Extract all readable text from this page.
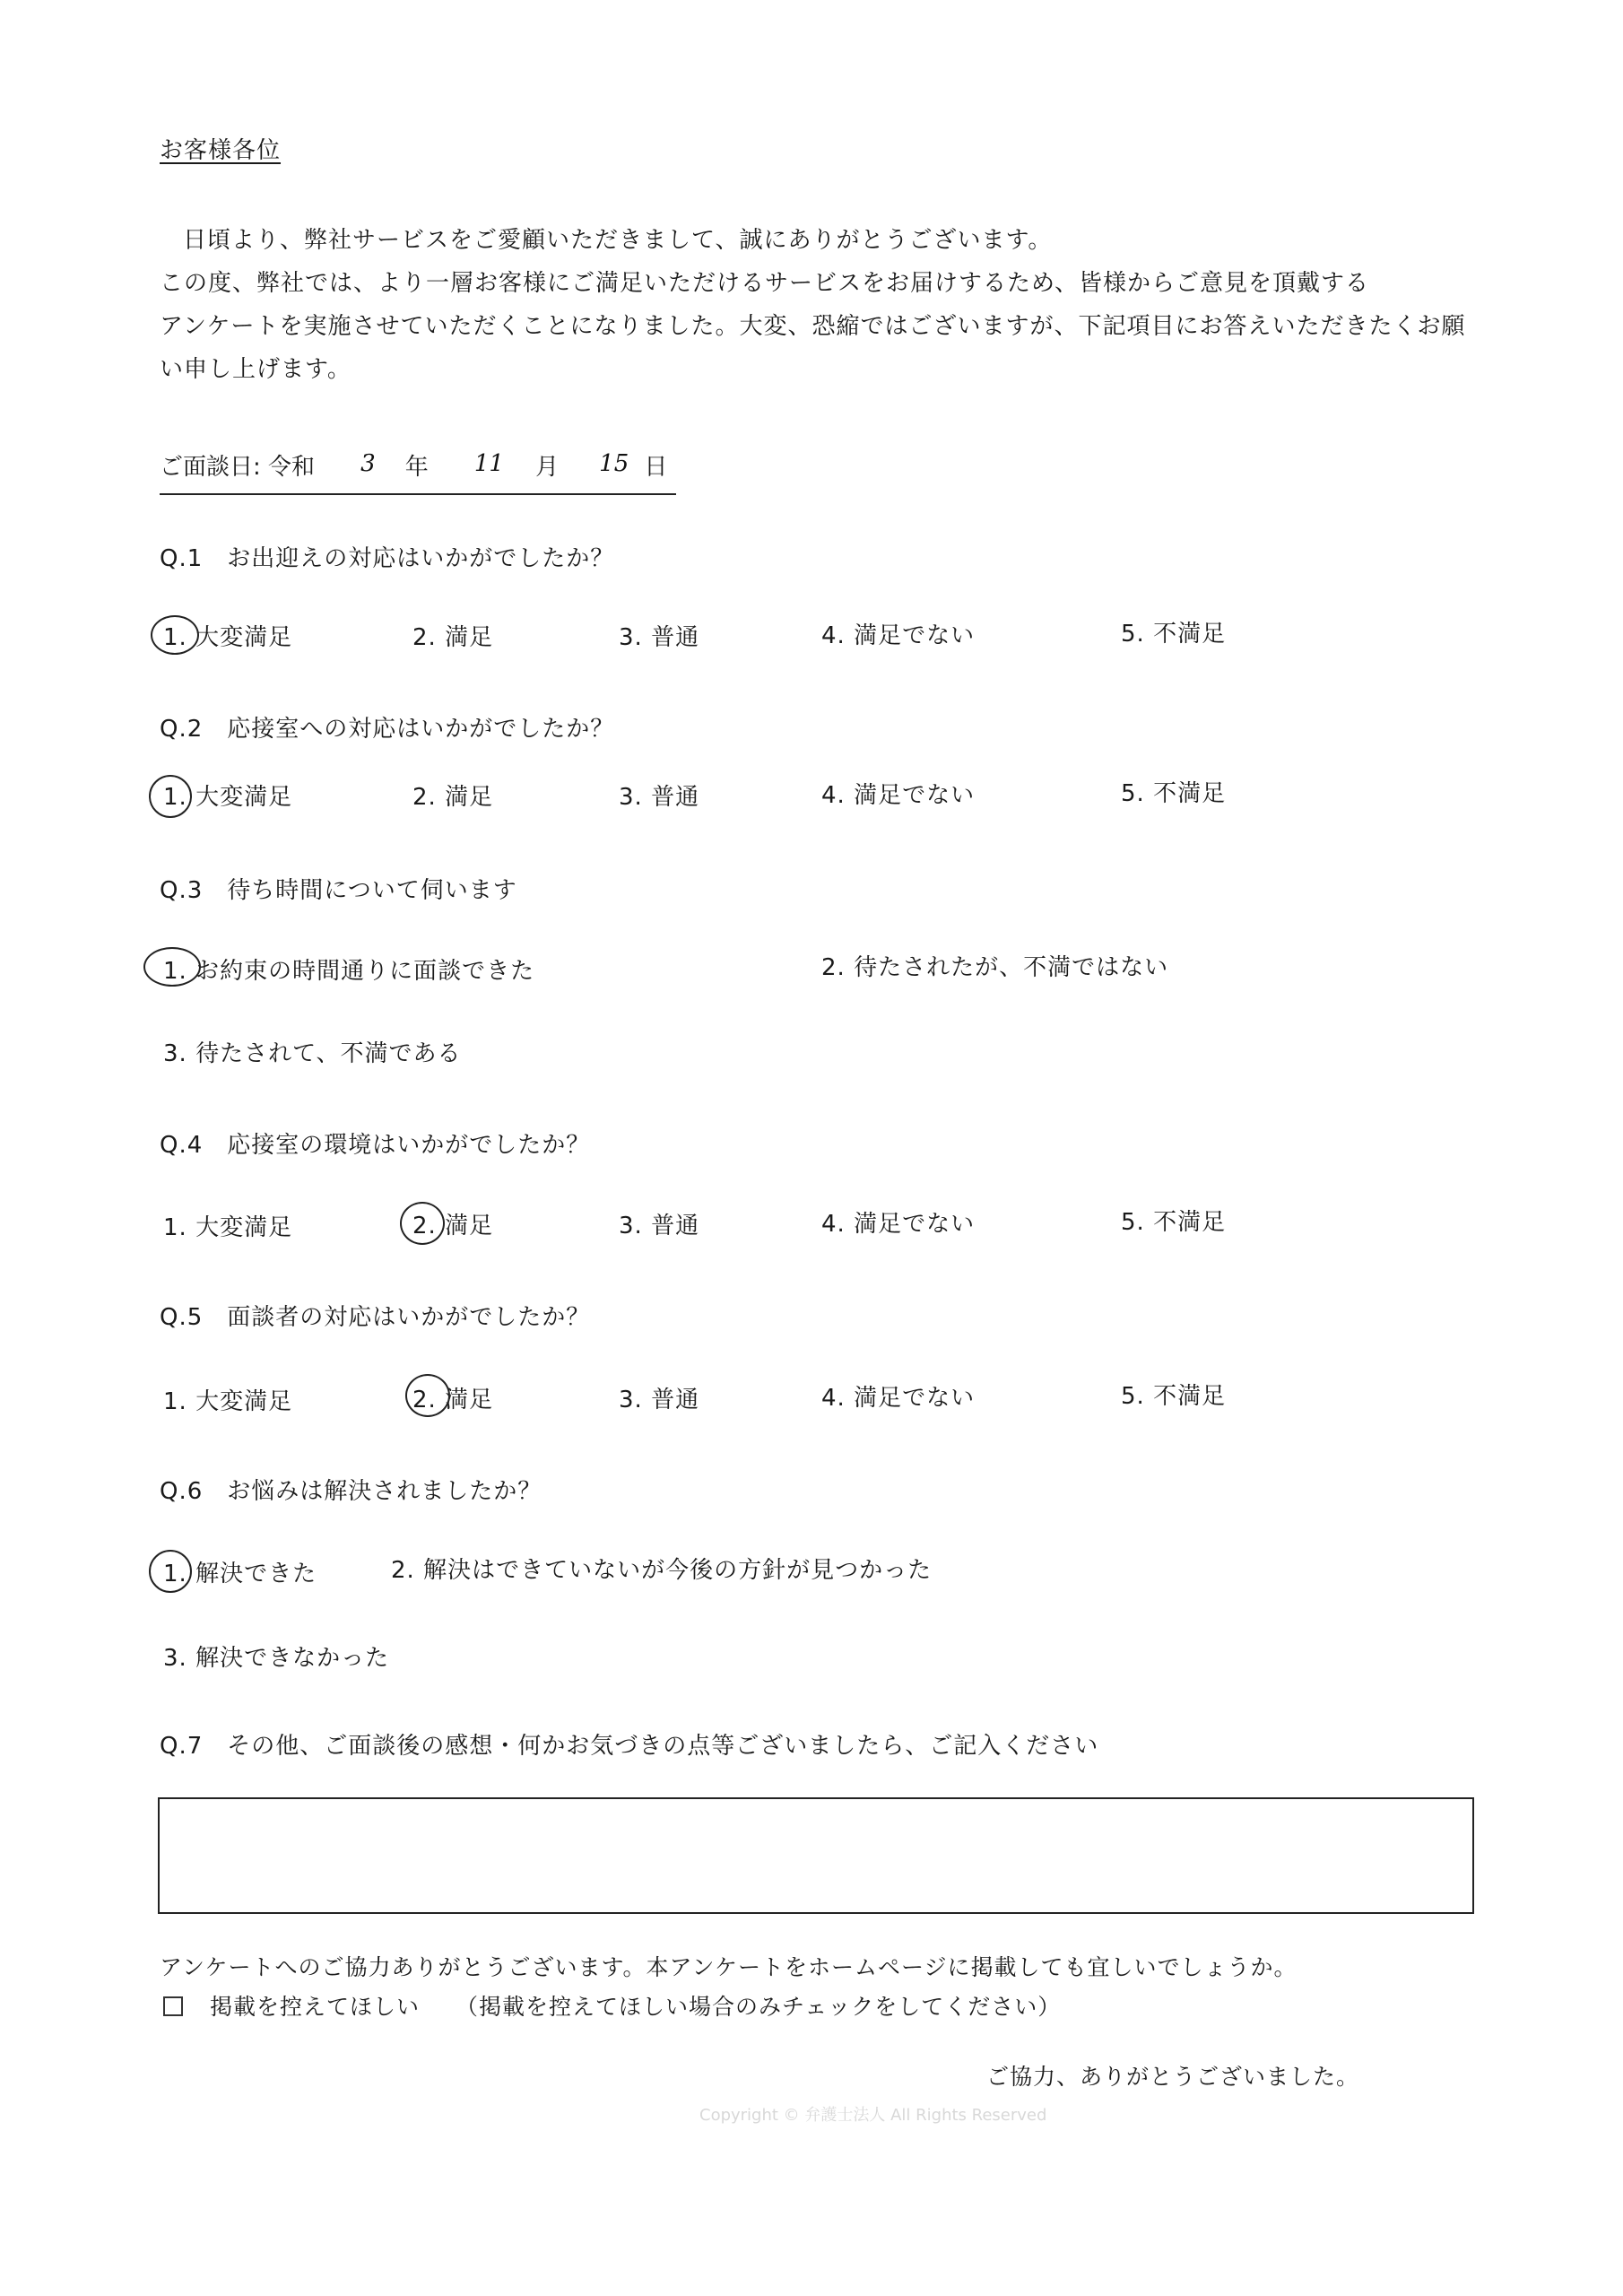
お客様各位
日頃より、弊社サービスをご愛顧いただきまして、誠にありがとうございます。
この度、弊社では、より一層お客様にご満足いただけるサービスをお届けするため、皆様からご意見を頂戴する
アンケートを実施させていただくことになりました。大変、恐縮ではございますが、下記項目にお答えいただきたくお願
い申し上げます。
ご面談日: 令和 3 年 11 月 15 日
Q.1　お出迎えの対応はいかがでしたか？
1. 大変満足	2. 満足	3. 普通	4. 満足でない	5. 不満足
Q.2　応接室への対応はいかがでしたか？
1. 大変満足	2. 満足	3. 普通	4. 満足でない	5. 不満足
Q.3　待ち時間について伺います
1. お約束の時間通りに面談できた	2. 待たされたが、不満ではない
3. 待たされて、不満である
Q.4　応接室の環境はいかがでしたか？
1. 大変満足	2. 満足	3. 普通	4. 満足でない	5. 不満足
Q.5　面談者の対応はいかがでしたか？
1. 大変満足	2. 満足	3. 普通	4. 満足でない	5. 不満足
Q.6　お悩みは解決されましたか？
1. 解決できた	2. 解決はできていないが今後の方針が見つかった
3. 解決できなかった
Q.7　その他、ご面談後の感想・何かお気づきの点等ございましたら、ご記入ください
アンケートへのご協力ありがとうございます。本アンケートをホームページに掲載しても宜しいでしょうか。
掲載を控えてほしい （掲載を控えてほしい場合のみチェックをしてください）
ご協力、ありがとうございました。
Copyright © 弁護士法人 All Rights Reserved
